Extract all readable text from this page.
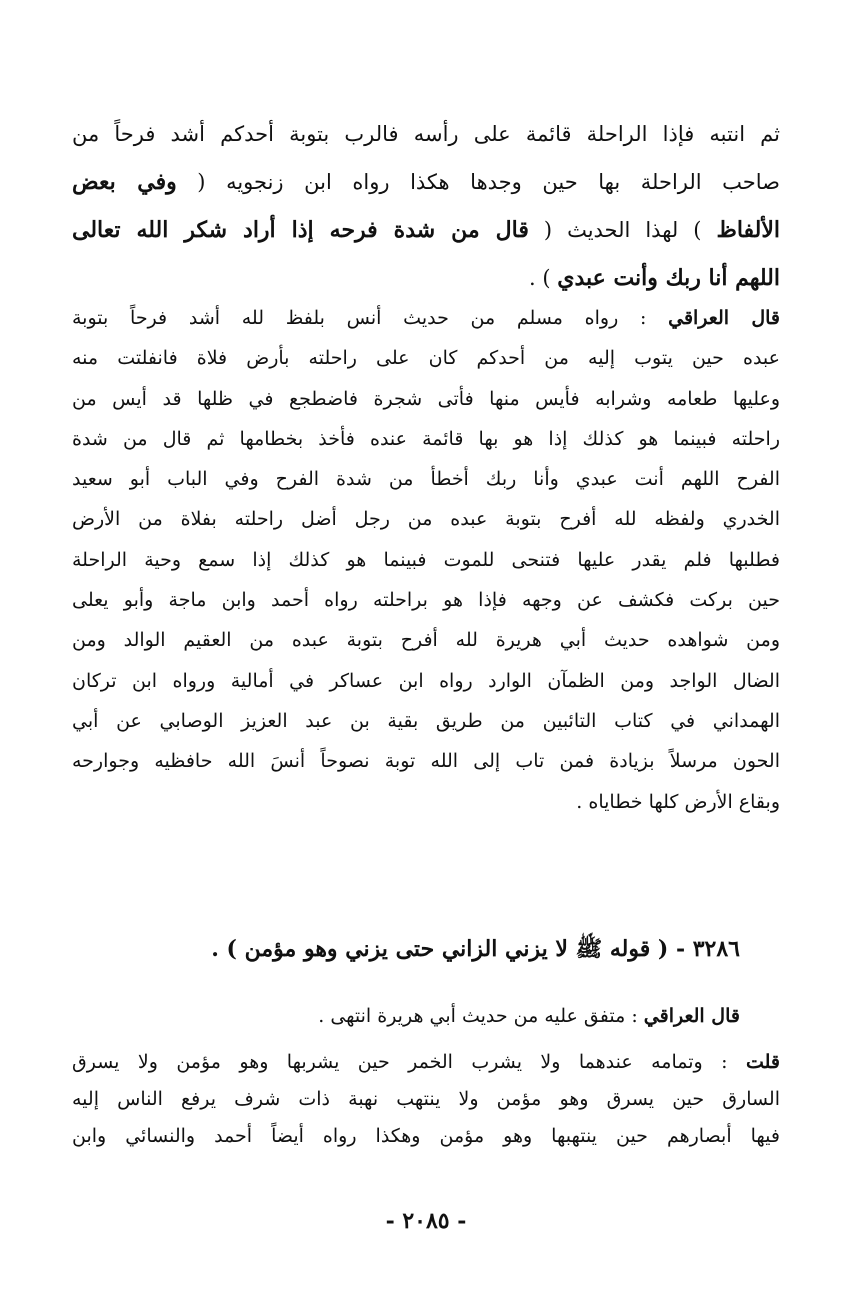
ثم انتبه فإذا الراحلة قائمة على رأسه فالرب بتوبة أحدكم أشد فرحاً من
صاحب الراحلة بها حين وجدها هكذا رواه ابن زنجويه ( وفي بعض
الألفاظ ) لهذا الحديث ( قال من شدة فرحه إذا أراد شكر الله تعالى
اللهم أنا ربك وأنت عبدي ) .
قال العراقي : رواه مسلم من حديث أنس بلفظ لله أشد فرحاً بتوبة
عبده حين يتوب إليه من أحدكم كان على راحلته بأرض فلاة فانفلتت منه
وعليها طعامه وشرابه فأيس منها فأتى شجرة فاضطجع في ظلها قد أيس من
راحلته فبينما هو كذلك إذا هو بها قائمة عنده فأخذ بخطامها ثم قال من شدة
الفرح اللهم أنت عبدي وأنا ربك أخطأ من شدة الفرح وفي الباب أبو سعيد
الخدري ولفظه لله أفرح بتوبة عبده من رجل أضل راحلته بفلاة من الأرض
فطلبها فلم يقدر عليها فتنحى للموت فبينما هو كذلك إذا سمع وحية الراحلة
حين بركت فكشف عن وجهه فإذا هو براحلته رواه أحمد وابن ماجة وأبو يعلى
ومن شواهده حديث أبي هريرة لله أفرح بتوبة عبده من العقيم الوالد ومن
الضال الواجد ومن الظمآن الوارد رواه ابن عساكر في أمالية ورواه ابن تركان
الهمداني في كتاب التائبين من طريق بقية بن عبد العزيز الوصابي عن أبي
الحون مرسلاً بزيادة فمن تاب إلى الله توبة نصوحاً أنسَ الله حافظيه وجوارحه
وبقاع الأرض كلها خطاياه .
٣٢٨٦ - ( قوله ﷺ لا يزني الزاني حتى يزني وهو مؤمن ) .
قال العراقي : متفق عليه من حديث أبي هريرة انتهى .
قلت : وتمامه عندهما ولا يشرب الخمر حين يشربها وهو مؤمن ولا يسرق
السارق حين يسرق وهو مؤمن ولا ينتهب نهبة ذات شرف يرفع الناس إليه
فيها أبصارهم حين ينتهبها وهو مؤمن وهكذا رواه أيضاً أحمد والنسائي وابن
- ٢٠٨٥ -
